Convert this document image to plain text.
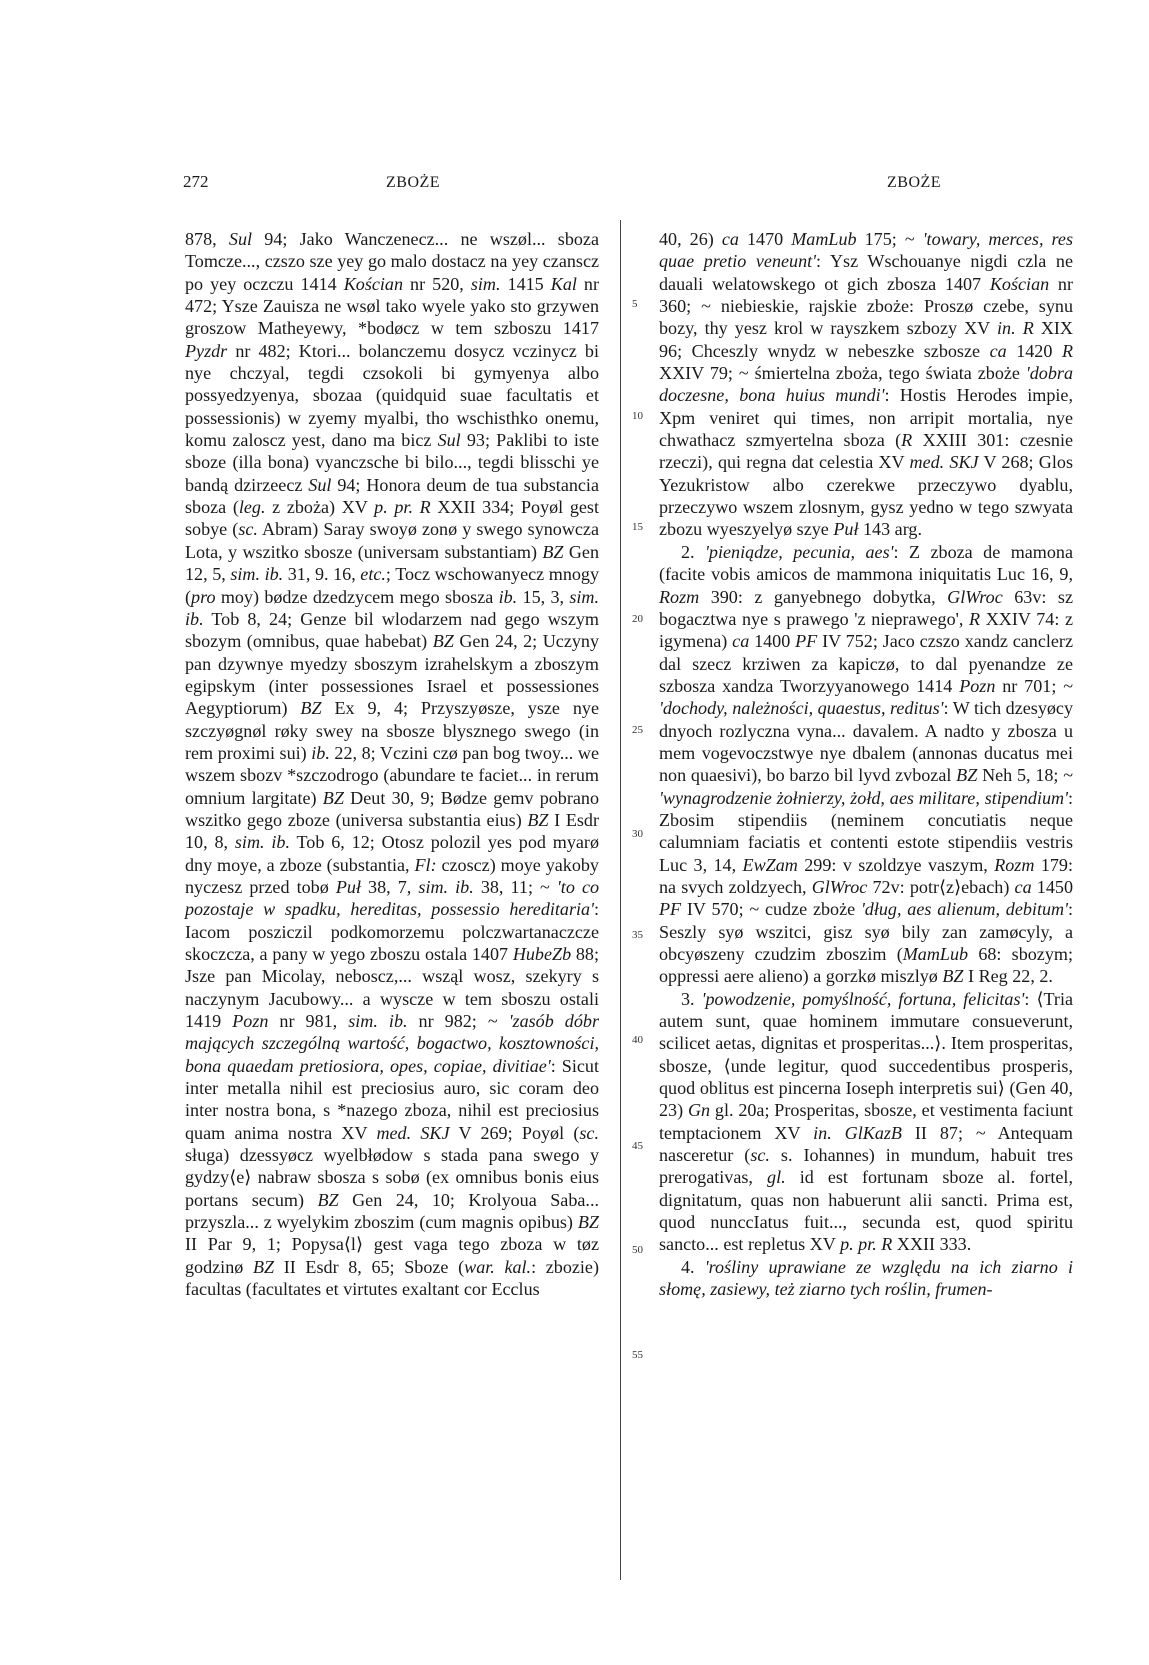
272	ZBOŻE	ZBOŻE
5
10
15
20
25
30
35
40
45
50
55

878, Sul 94; Jako Wanczenecz... ne wszøl... sboza Tomcze..., czszo sze yey go malo dostacz na yey czanscz po yey oczczu 1414 Kościan nr 520, sim. 1415 Kal nr 472; Ysze Zauisza ne wsøl tako wyele yako sto grzywen groszow Matheyewy, *bodøcz w tem szboszu 1417 Pyzdr nr 482; Ktori... bolanczemu dosycz vczinycz bi nye chczyal, tegdi czsokoli bi gymyenya albo possyedzyenya, sbozaa (quidquid suae facultatis et possessionis) w zyemy myalbi, tho wschisthko onemu, komu zaloscz yest, dano ma bicz Sul 93; Paklibi to iste sboze (illa bona) vyanczsche bi bilo..., tegdi blisschi ye bandą dzirzeecz Sul 94; Honora deum de tua substancia sboza (leg. z zboża) XV p. pr. R XXII 334; Poyøl gest sobye (sc. Abram) Saray swoyø zonø y swego synowcza Lota, y wszitko sbosze (universam substantiam) BZ Gen 12, 5, sim. ib. 31, 9. 16, etc.; Tocz wschowanyecz mnogy (pro moy) bødze dzedzycem mego sbosza ib. 15, 3, sim. ib. Tob 8, 24; Genze bil wlodarzem nad gego wszym sbozym (omnibus, quae habebat) BZ Gen 24, 2; Uczyny pan dzywnye myedzy sboszym izrahelskym a zboszym egipskym (inter possessiones Israel et possessiones Aegyptiorum) BZ Ex 9, 4; Przyszyøsze, ysze nye szczyøgnøl røky swey na sbosze blysznego swego (in rem proximi sui) ib. 22, 8; Vczini czø pan bog twoy... we wszem sbozv *szczodrogo (abundare te faciet... in rerum omnium largitate) BZ Deut 30, 9; Bødze gemv pobrano wszitko gego zboze (universa substantia eius) BZ I Esdr 10, 8, sim. ib. Tob 6, 12; Otosz polozil yes pod myarø dny moye, a zboze (substantia, Fl: czoscz) moye yakoby nyczesz przed tobø Puł 38, 7, sim. ib. 38, 11; ~ 'to co pozostaje w spadku, hereditas, possessio hereditaria': Iacom posziczil podkomorzemu polczwartanaczcze skoczcza, a pany w yego zboszu ostala 1407 HubeZb 88; Jsze pan Micolay, neboscz,... wsząl wosz, szekyry s naczynym Jacubowy... a wyscze w tem sboszu ostali 1419 Pozn nr 981, sim. ib. nr 982; ~ 'zasób dóbr mających szczególną wartość, bogactwo, kosztowności, bona quaedam pretiosiora, opes, copiae, divitiae': Sicut inter metalla nihil est preciosius auro, sic coram deo inter nostra bona, s *nazego zboza, nihil est preciosius quam anima nostra XV med. SKJ V 269; Poyøl (sc. sługa) dzessyøcz wyelbłødow s stada pana swego y gydzy⟨e⟩ nabraw sbosza s sobø (ex omnibus bonis eius portans secum) BZ Gen 24, 10; Krolyoua Saba... przyszla... z wyelykim zboszim (cum magnis opibus) BZ II Par 9, 1; Popysa⟨l⟩ gest vaga tego zboza w tøz godzinø BZ II Esdr 8, 65; Sboze (war. kal.: zbozie) facultas (facultates et virtutes exaltant cor Ecclus

40, 26) ca 1470 MamLub 175; ~ 'towary, merces, res quae pretio veneunt': Ysz Wschouanye nigdi czla ne dauali welatowskego ot gich zbosza 1407 Kościan nr 360; ~ niebieskie, rajskie zboże: Proszø czebe, synu bozy, thy yesz krol w rayszkem szbozy XV in. R XIX 96; Chceszly wnydz w nebeszke szbosze ca 1420 R XXIV 79; ~ śmiertelna zboża, tego świata zboże 'dobra doczesne, bona huius mundi': Hostis Herodes impie, Xpm veniret qui times, non arripit mortalia, nye chwathacz szmyertelna sboza (R XXIII 301: czesnie rzeczi), qui regna dat celestia XV med. SKJ V 268; Glos Yezukristow albo czerekwe przeczywo dyablu, przeczywo wszem zlosnym, gysz yedno w tego szwyata zbozu wyeszyelyø szye Puł 143 arg.

2. 'pieniądze, pecunia, aes': Z zboza de mamona (facite vobis amicos de mammona iniquitatis Luc 16, 9, Rozm 390: z ganyebnego dobytka, GlWroc 63v: sz bogacztwa nye s prawego 'z nieprawego', R XXIV 74: z igymena) ca 1400 PF IV 752; Jaco czszo xandz canclerz dal szecz krziwen za kapiczø, to dal pyenandze ze szbosza xandza Tworzyyanowego 1414 Pozn nr 701; ~ 'dochody, należności, quaestus, reditus': W tich dzesyøcy dnyoch rozlyczna vyna... davalem. A nadto y zbosza u mem vogevoczstwye nye dbalem (annonas ducatus mei non quaesivi), bo barzo bil lyvd zvbozal BZ Neh 5, 18; ~ 'wynagrodzenie żołnierzy, żołd, aes militare, stipendium': Zbosim stipendiis (neminem concutiatis neque calumniam faciatis et contenti estote stipendiis vestris Luc 3, 14, EwZam 299: v szoldzye vaszym, Rozm 179: na svych zoldzyech, GlWroc 72v: potr⟨z⟩ebach) ca 1450 PF IV 570; ~ cudze zboże 'dług, aes alienum, debitum': Seszly syø wszitci, gisz syø bily zan zamøcyly, a obcyøszeny czudzim zboszim (MamLub 68: sbozym; oppressi aere alieno) a gorzkø miszlyø BZ I Reg 22, 2.

3. 'powodzenie, pomyślność, fortuna, felicitas': ⟨Tria autem sunt, quae hominem immutare consueverunt, scilicet aetas, dignitas et prosperitas...⟩. Item prosperitas, sbosze, ⟨unde legitur, quod succedentibus prosperis, quod oblitus est pincerna Ioseph interpretis sui⟩ (Gen 40, 23) Gn gl. 20a; Prosperitas, sbosze, et vestimenta faciunt temptacionem XV in. GlKazB II 87; ~ Antequam nasceretur (sc. s. Iohannes) in mundum, habuit tres prerogativas, gl. id est fortunam sboze al. fortel, dignitatum, quas non habuerunt alii sancti. Prima est, quod nunccIatus fuit..., secunda est, quod spiritu sancto... est repletus XV p. pr. R XXII 333.

4. 'rośliny uprawiane ze względu na ich ziarno i słomę, zasiewy, też ziarno tych roślin, frumen-
